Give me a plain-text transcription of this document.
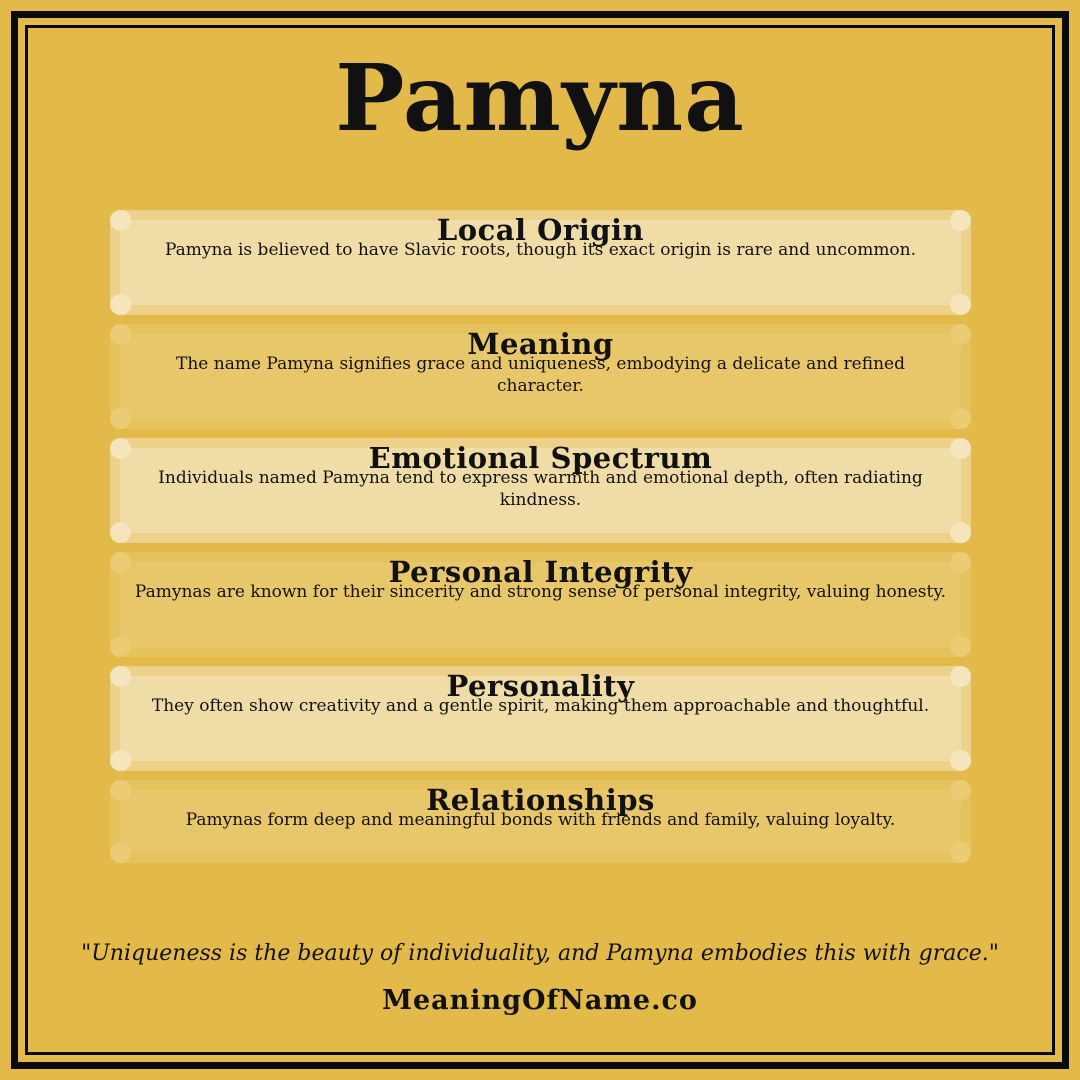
Pamyna
Local Origin
Pamyna is believed to have Slavic roots, though its exact origin is rare and uncommon.
Meaning
The name Pamyna signifies grace and uniqueness, embodying a delicate and refined character.
Emotional Spectrum
Individuals named Pamyna tend to express warmth and emotional depth, often radiating kindness.
Personal Integrity
Pamynas are known for their sincerity and strong sense of personal integrity, valuing honesty.
Personality
They often show creativity and a gentle spirit, making them approachable and thoughtful.
Relationships
Pamynas form deep and meaningful bonds with friends and family, valuing loyalty.
"Uniqueness is the beauty of individuality, and Pamyna embodies this with grace."
MeaningOfName.co
